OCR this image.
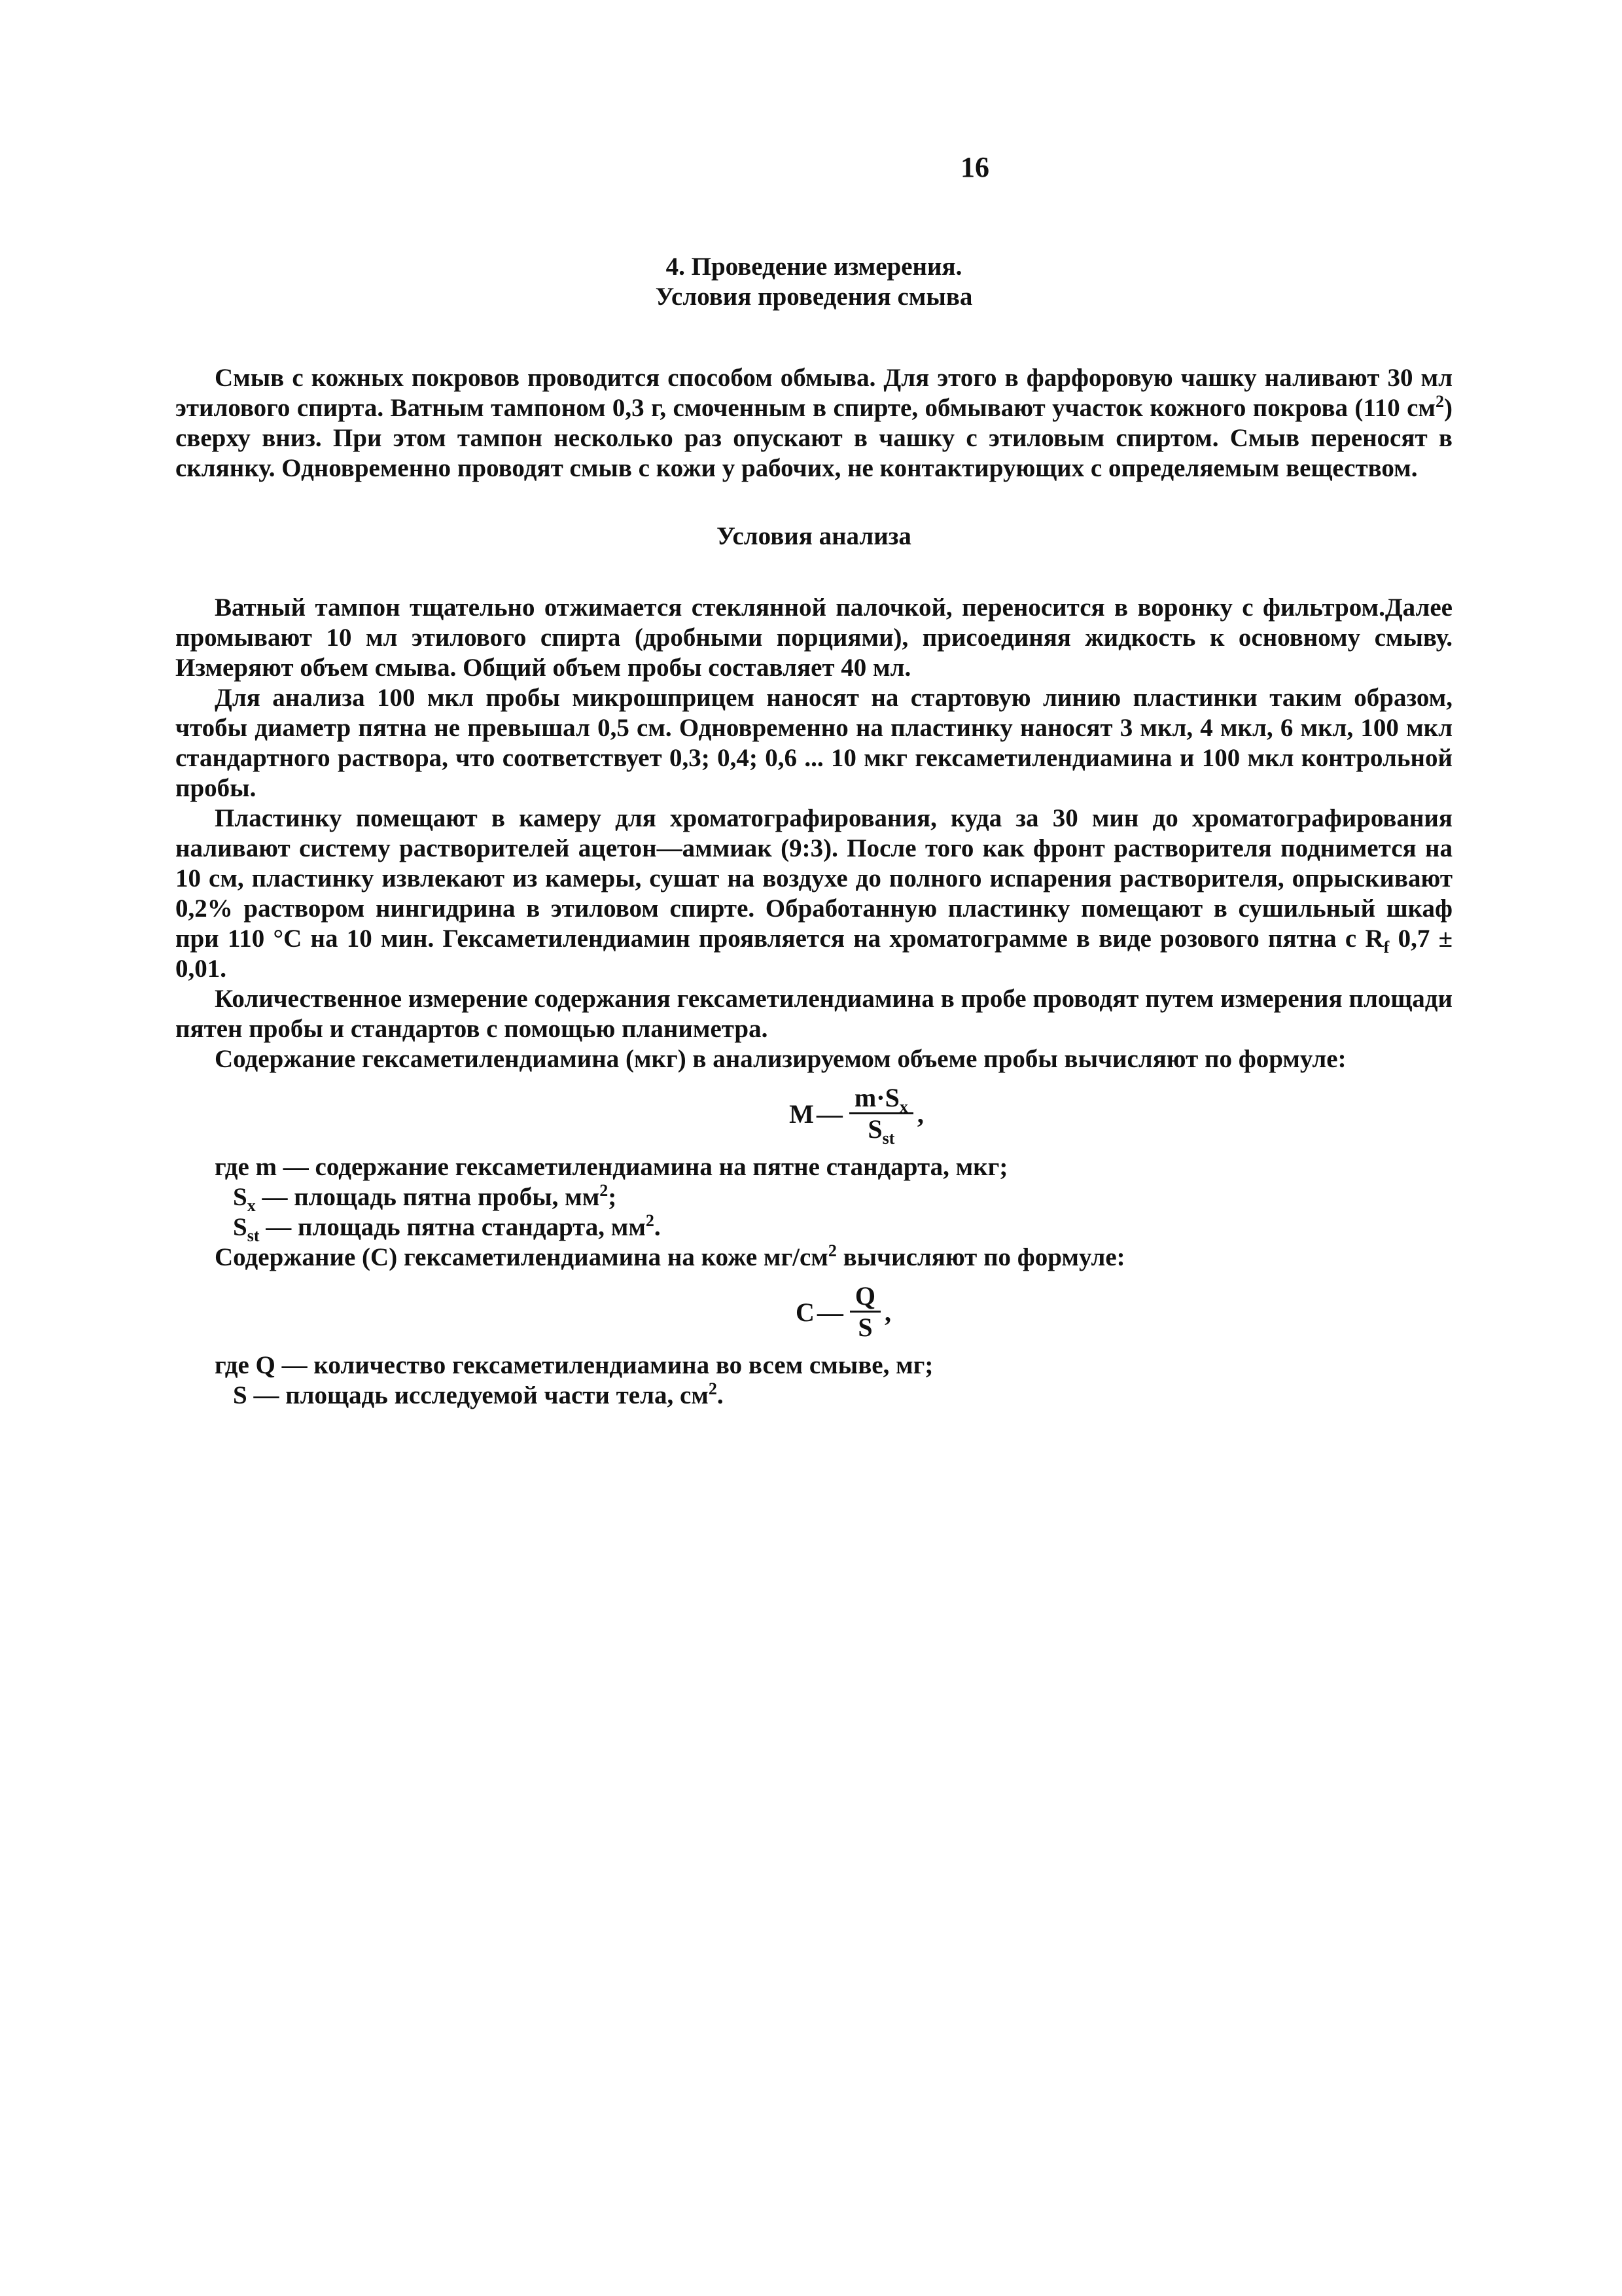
16

4. Проведение измерения.

Условия проведения смыва

Смыв с кожных покровов проводится способом обмыва. Для этого в фарфоровую чашку наливают 30 мл этилового спирта. Ватным тампоном 0,3 г, смоченным в спирте, обмывают участок кожного покрова (110 $см^2$) сверху вниз. При этом тампон несколько раз опускают в чашку с этиловым спиртом. Смыв переносят в склянку. Одновременно проводят смыв с кожи у рабочих, не контактирующих с определяемым веществом.

Условия анализа

Ватный тампон тщательно отжимается стеклянной палочкой, переносится в воронку с фильтром.Далее промывают 10 мл этилового спирта (дробными порциями), присоединяя жидкость к основному смыву. Измеряют объем смыва. Общий объем пробы составляет 40 мл.

Для анализа 100 мкл пробы микрошприцем наносят на стартовую линию пластинки таким образом, чтобы диаметр пятна не превышал 0,5 см. Одновременно на пластинку наносят 3 мкл, 4 мкл, 6 мкл, 100 мкл стандартного раствора, что соответствует 0,3; 0,4; 0,6 ... 10 мкг гексаметилендиамина и 100 мкл контрольной пробы.

Пластинку помещают в камеру для хроматографирования, куда за 30 мин до хроматографирования наливают систему растворителей ацетон—аммиак (9:3). После того как фронт растворителя поднимется на 10 см, пластинку извлекают из камеры, сушат на воздухе до полного испарения растворителя, опрыскивают 0,2% раствором нингидрина в этиловом спирте. Обработанную пластинку помещают в сушильный шкаф при 110 °С на 10 мин. Гексаметилендиамин проявляется на хроматограмме в виде розового пятна с $R_f$ 0,7 ± 0,01.

Количественное измерение содержания гексаметилендиамина в пробе проводят путем измерения площади пятен пробы и стандартов с помощью планиметра.

Содержание гексаметилендиамина (мкг) в анализируемом объеме пробы вычисляют по формуле:

M — $\frac{m\cdot S_x}{S_{st}}$ ,

где m — содержание гексаметилендиамина на пятне стандарта, мкг;

$S_x$ — площадь пятна пробы, $мм^2$;

$S_{st}$ — площадь пятна стандарта, $мм^2$.

Содержание (С) гексаметилендиамина на коже $мг/см^2$ вычисляют по формуле:

С — $\frac{Q}{S}$ ,

где Q — количество гексаметилендиамина во всем смыве, мг;

S — площадь исследуемой части тела, $см^2$.
